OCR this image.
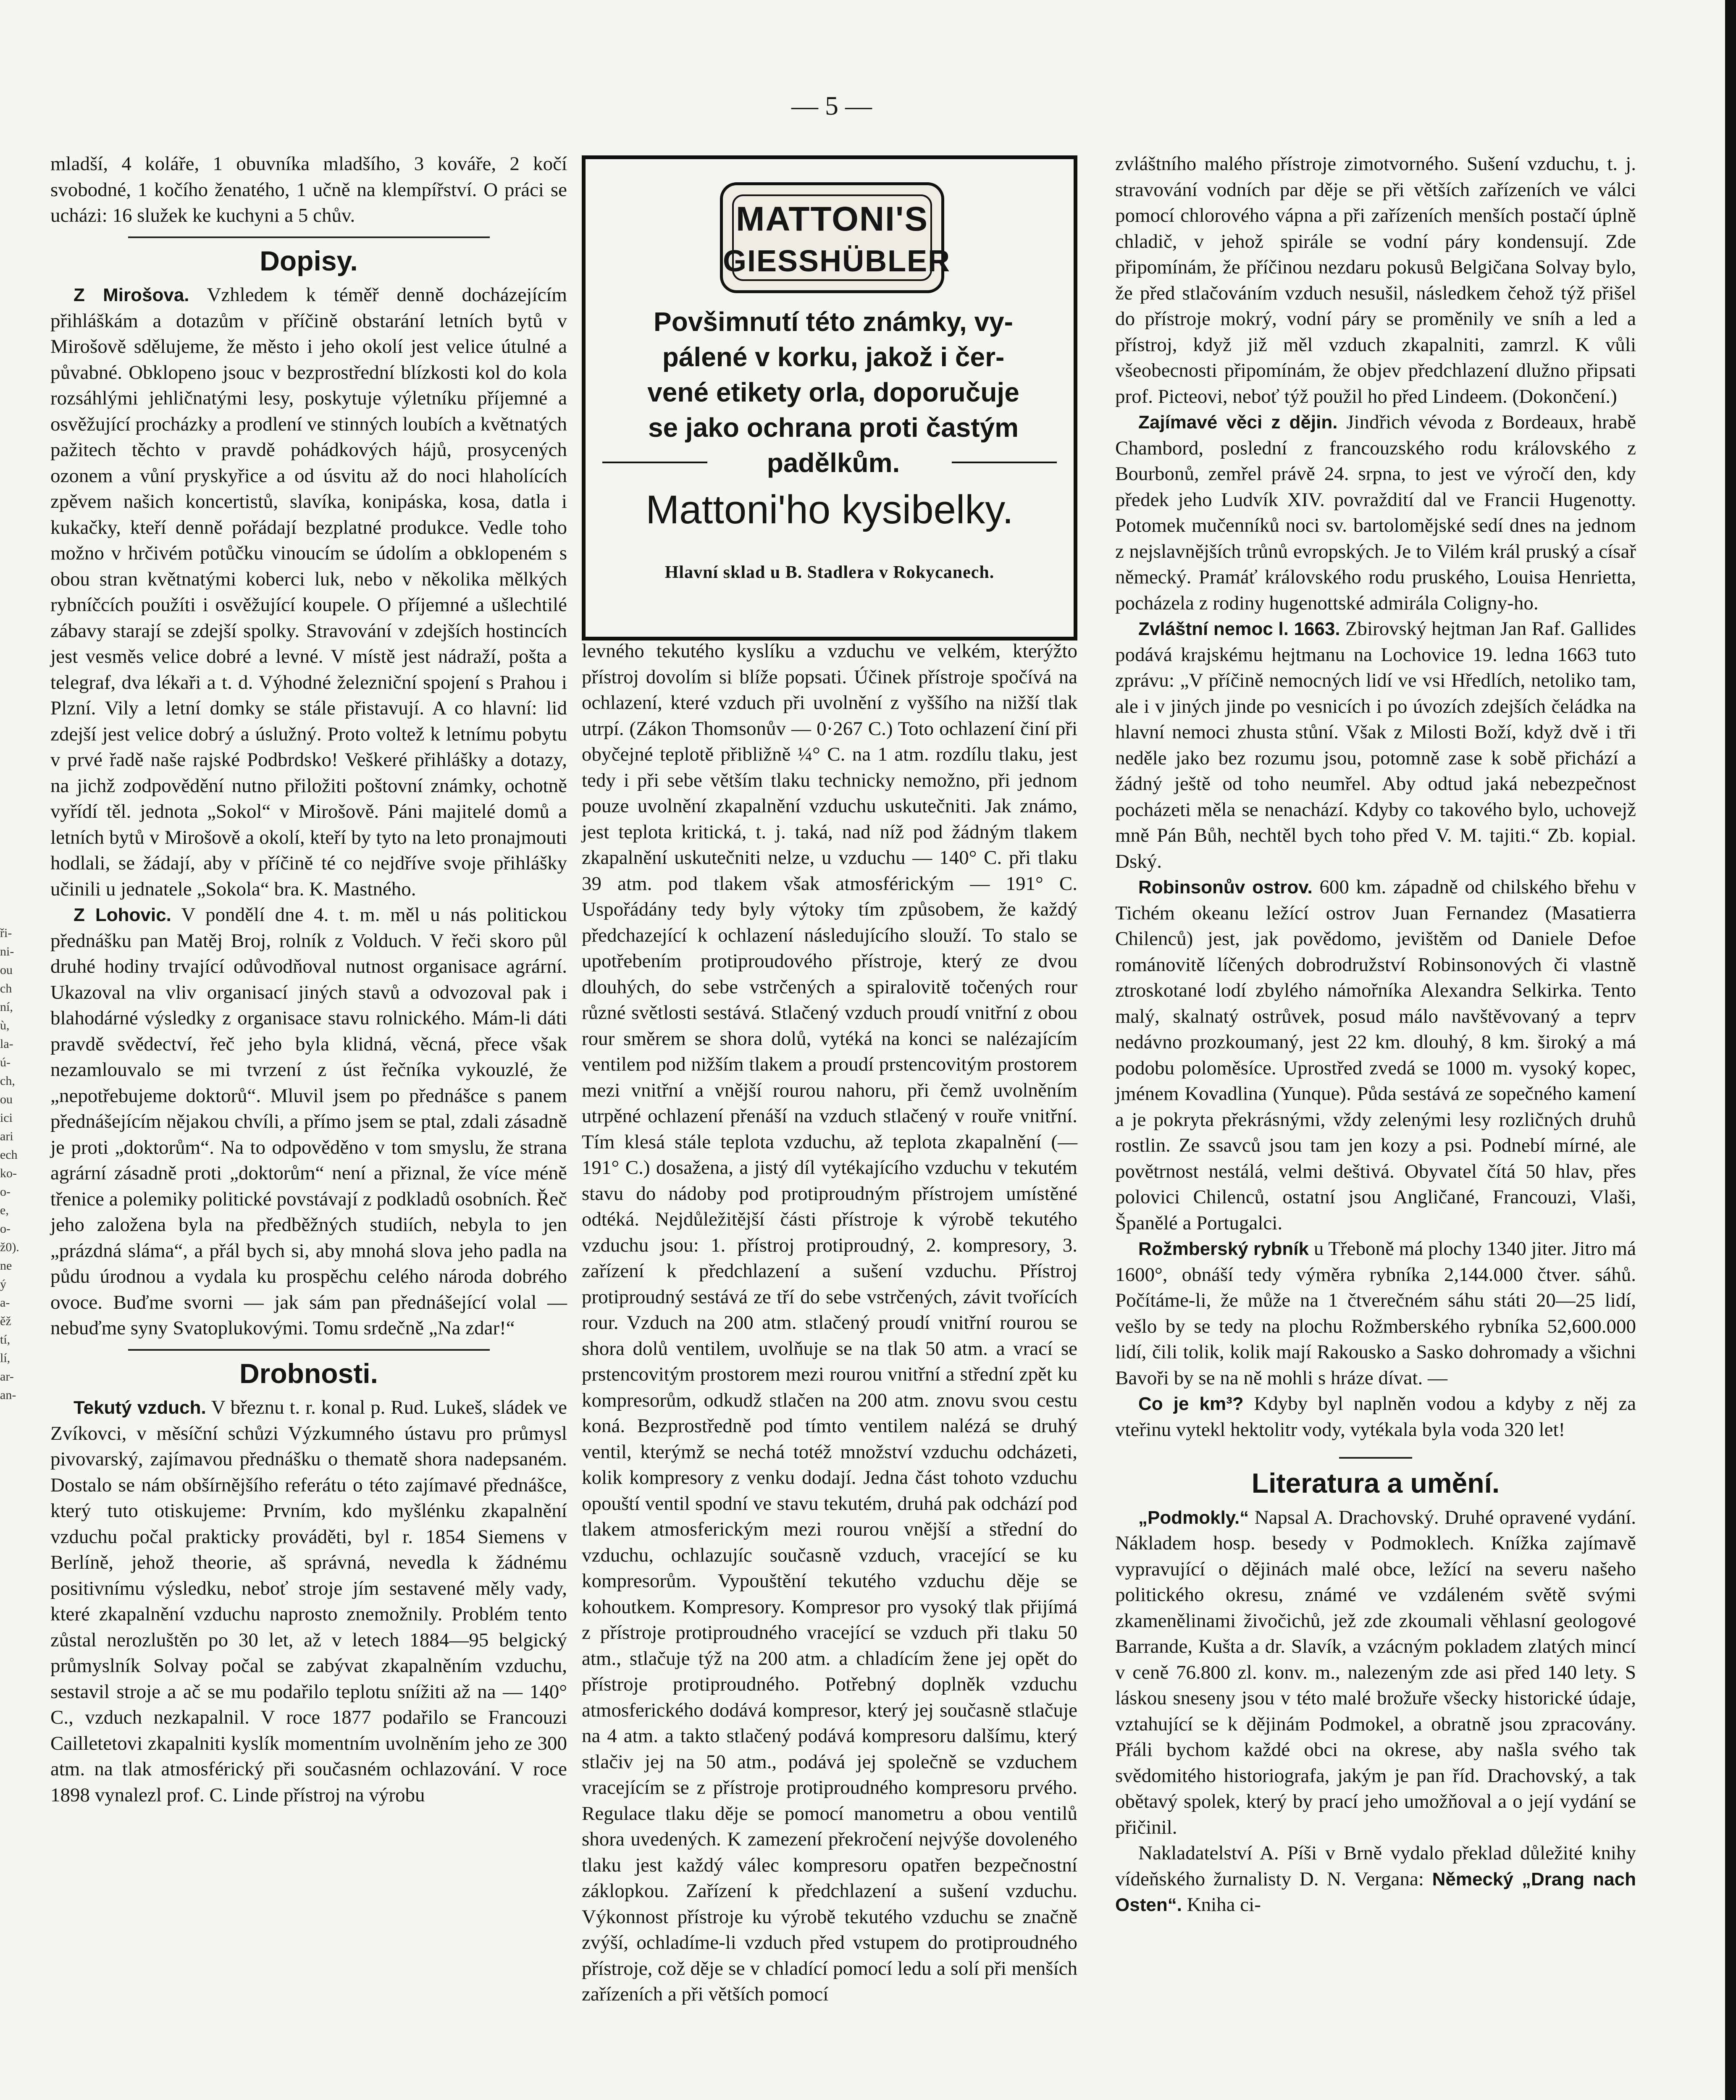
— 5 —
ři-
ni-
ou
ch
ní,
ù,
la-
ú-
ch,
ou
ici
ari
ech
ko-
o-
e,
o-
ž0).
ne
ý
a-
ěž
tí,
lí,
ar-
an-

mladší, 4 koláře, 1 obuvníka mladšího, 3 kováře, 2 kočí svobodné, 1 kočího ženatého, 1 učně na klempířství. O práci se ucházi: 16 služek ke kuchyni a 5 chův.

Dopisy.

Z Mirošova. Vzhledem k téměř denně docházejícím přihláškám a dotazům v příčině obstarání letních bytů v Mirošově sdělujeme, že město i jeho okolí jest velice útulné a půvabné. Obklopeno jsouc v bezprostřední blízkosti kol do kola rozsáhlými jehličnatými lesy, poskytuje výletníku příjemné a osvěžující procházky a prodlení ve stinných loubích a květnatých pažitech těchto v pravdě pohádkových hájů, prosycených ozonem a vůní pryskyřice a od úsvitu až do noci hlaholících zpěvem našich koncertistů, slavíka, konipáska, kosa, datla i kukačky, kteří denně pořádají bezplatné produkce. Vedle toho možno v hrčivém potůčku vinoucím se údolím a obklopeném s obou stran květnatými koberci luk, nebo v několika mělkých rybníčcích použíti i osvěžující koupele. O příjemné a ušlechtilé zábavy starají se zdejší spolky. Stravování v zdejších hostincích jest vesměs velice dobré a levné. V místě jest nádraží, pošta a telegraf, dva lékaři a t. d. Výhodné železniční spojení s Prahou i Plzní. Vily a letní domky se stále přistavují. A co hlavní: lid zdejší jest velice dobrý a úslužný. Proto voltež k letnímu pobytu v prvé řadě naše rajské Podbrdsko! Veškeré přihlášky a dotazy, na jichž zodpovědění nutno přiložiti poštovní známky, ochotně vyřídí těl. jednota „Sokol“ v Mirošově. Páni majitelé domů a letních bytů v Mirošově a okolí, kteří by tyto na leto pronajmouti hodlali, se žádají, aby v příčině té co nejdříve svoje přihlášky učinili u jednatele „Sokola“ bra. K. Mastného.

Z Lohovic. V pondělí dne 4. t. m. měl u nás politickou přednášku pan Matěj Broj, rolník z Volduch. V řeči skoro půl druhé hodiny trvající odůvodňoval nutnost organisace agrární. Ukazoval na vliv organisací jiných stavů a odvozoval pak i blahodárné výsledky z organisace stavu rolnického. Mám-li dáti pravdě svědectví, řeč jeho byla klidná, věcná, přece však nezamlouvalo se mi tvrzení z úst řečníka vykouzlé, že „nepotřebujeme doktorů“. Mluvil jsem po přednášce s panem přednášejícím nějakou chvíli, a přímo jsem se ptal, zdali zásadně je proti „doktorům“. Na to odpověděno v tom smyslu, že strana agrární zásadně proti „doktorům“ není a přiznal, že více méně třenice a polemiky politické povstávají z podkladů osobních. Řeč jeho založena byla na předběžných studiích, nebyla to jen „prázdná sláma“, a přál bych si, aby mnohá slova jeho padla na půdu úrodnou a vydala ku prospěchu celého národa dobrého ovoce. Buďme svorni — jak sám pan přednášející volal — nebuďme syny Svatoplukovými. Tomu srdečně „Na zdar!“

Drobnosti.

Tekutý vzduch. V březnu t. r. konal p. Rud. Lukeš, sládek ve Zvíkovci, v měsíční schůzi Výzkumného ústavu pro průmysl pivovarský, zajímavou přednášku o thematě shora nadepsaném. Dostalo se nám obšírnějšího referátu o této zajímavé přednášce, který tuto otiskujeme: Prvním, kdo myšlénku zkapalnění vzduchu počal prakticky prováděti, byl r. 1854 Siemens v Berlíně, jehož theorie, aš správná, nevedla k žádnému positivnímu výsledku, neboť stroje jím sestavené měly vady, které zkapalnění vzduchu naprosto znemožnily. Problém tento zůstal nerozluštěn po 30 let, až v letech 1884—95 belgický průmyslník Solvay počal se zabývat zkapalněním vzduchu, sestavil stroje a ač se mu podařilo teplotu snížiti až na — 140° C., vzduch nezkapalnil. V roce 1877 podařilo se Francouzi Cailletetovi zkapalniti kyslík momentním uvolněním jeho ze 300 atm. na tlak atmosférický při současném ochlazování. V roce 1898 vynalezl prof. C. Linde přístroj na výrobu

MATTONI'S
GIESSHÜBLER
Povšimnutí této známky, vy-
pálené v korku, jakož i čer-
vené etikety orla, doporučuje
se jako ochrana proti častým
padělkům.
Mattoni'ho kysibelky.
Hlavní sklad u B. Stadlera v Rokycanech.

levného tekutého kyslíku a vzduchu ve velkém, kterýžto přístroj dovolím si blíže popsati. Účinek přístroje spočívá na ochlazení, které vzduch při uvolnění z vyššího na nižší tlak utrpí. (Zákon Thomsonův — 0·267 C.) Toto ochlazení činí při obyčejné teplotě přibližně ¼° C. na 1 atm. rozdílu tlaku, jest tedy i při sebe větším tlaku technicky nemožno, při jednom pouze uvolnění zkapalnění vzduchu uskutečniti. Jak známo, jest teplota kritická, t. j. taká, nad níž pod žádným tlakem zkapalnění uskutečniti nelze, u vzduchu — 140° C. při tlaku 39 atm. pod tlakem však atmosférickým — 191° C. Uspořádány tedy byly výtoky tím způsobem, že každý předchazející k ochlazení následujícího slouží. To stalo se upotřebením protiproudového přístroje, který ze dvou dlouhých, do sebe vstrčených a spiralovitě točených rour různé světlosti sestává. Stlačený vzduch proudí vnitřní z obou rour směrem se shora dolů, vytéká na konci se nalézajícím ventilem pod nižším tlakem a proudí prstencovitým prostorem mezi vnitřní a vnější rourou nahoru, při čemž uvolněním utrpěné ochlazení přenáší na vzduch stlačený v rouře vnitřní. Tím klesá stále teplota vzduchu, až teplota zkapalnění (— 191° C.) dosažena, a jistý díl vytékajícího vzduchu v tekutém stavu do nádoby pod protiproudným přístrojem umístěné odtéká. Nejdůležitější části přístroje k výrobě tekutého vzduchu jsou: 1. přístroj protiproudný, 2. kompresory, 3. zařízení k předchlazení a sušení vzduchu. Přístroj protiproudný sestává ze tří do sebe vstrčených, závit tvořících rour. Vzduch na 200 atm. stlačený proudí vnitřní rourou se shora dolů ventilem, uvolňuje se na tlak 50 atm. a vrací se prstencovitým prostorem mezi rourou vnitřní a střední zpět ku kompresorům, odkudž stlačen na 200 atm. znovu svou cestu koná. Bezprostředně pod tímto ventilem nalézá se druhý ventil, kterýmž se nechá totéž množství vzduchu odcházeti, kolik kompresory z venku dodají. Jedna část tohoto vzduchu opouští ventil spodní ve stavu tekutém, druhá pak odchází pod tlakem atmosferickým mezi rourou vnější a střední do vzduchu, ochlazujíc současně vzduch, vracející se ku kompresorům. Vypouštění tekutého vzduchu děje se kohoutkem. Kompresory. Kompresor pro vysoký tlak přijímá z přístroje protiproudného vracející se vzduch při tlaku 50 atm., stlačuje týž na 200 atm. a chladícím žene jej opět do přístroje protiproudného. Potřebný doplněk vzduchu atmosferického dodává kompresor, který jej současně stlačuje na 4 atm. a takto stlačený podává kompresoru dalšímu, který stlačiv jej na 50 atm., podává jej společně se vzduchem vracejícím se z přístroje protiproudného kompresoru prvého. Regulace tlaku děje se pomocí manometru a obou ventilů shora uvedených. K zamezení překročení nejvýše dovoleného tlaku jest každý válec kompresoru opatřen bezpečnostní záklopkou. Zařízení k předchlazení a sušení vzduchu. Výkonnost přístroje ku výrobě tekutého vzduchu se značně zvýší, ochladíme-li vzduch před vstupem do protiproudného přístroje, což děje se v chladící pomocí ledu a solí při menších zařízeních a při větších pomocí

zvláštního malého přístroje zimotvorného. Sušení vzduchu, t. j. stravování vodních par děje se při větších zařízeních ve válci pomocí chlorového vápna a při zařízeních menších postačí úplně chladič, v jehož spirále se vodní páry kondensují. Zde připomínám, že příčinou nezdaru pokusů Belgičana Solvay bylo, že před stlačováním vzduch nesušil, následkem čehož týž přišel do přístroje mokrý, vodní páry se proměnily ve sníh a led a přístroj, když již měl vzduch zkapalniti, zamrzl. K vůli všeobecnosti připomínám, že objev předchlazení dlužno připsati prof. Picteovi, neboť týž použil ho před Lindeem. (Dokončení.)

Zajímavé věci z dějin. Jindřich vévoda z Bordeaux, hrabě Chambord, poslední z francouzského rodu královského z Bourbonů, zemřel právě 24. srpna, to jest ve výročí den, kdy předek jeho Ludvík XIV. povraždití dal ve Francii Hugenotty. Potomek mučenníků noci sv. bartolomějské sedí dnes na jednom z nejslavnějších trůnů evropských. Je to Vilém král pruský a císař německý. Pramáť královského rodu pruského, Louisa Henrietta, pocházela z rodiny hugenottské admirála Coligny-ho.

Zvláštní nemoc l. 1663. Zbirovský hejtman Jan Raf. Gallides podává krajskému hejtmanu na Lochovice 19. ledna 1663 tuto zprávu: „V příčině nemocných lidí ve vsi Hředlích, netoliko tam, ale i v jiných jinde po vesnicích i po úvozích zdejších čeládka na hlavní nemoci zhusta stůní. Však z Milosti Boží, když dvě i tři neděle jako bez rozumu jsou, potomně zase k sobě přichází a žádný ještě od toho neumřel. Aby odtud jaká nebezpečnost pocházeti měla se nenachází. Kdyby co takového bylo, uchovejž mně Pán Bůh, nechtěl bych toho před V. M. tajiti.“ Zb. kopial. Dský.

Robinsonův ostrov. 600 km. západně od chilského břehu v Tichém okeanu ležící ostrov Juan Fernandez (Masatierra Chilenců) jest, jak povědomo, jevištěm od Daniele Defoe románovitě líčených dobrodružství Robinsonových či vlastně ztroskotané lodí zbylého námořníka Alexandra Selkirka. Tento malý, skalnatý ostrůvek, posud málo navštěvovaný a teprv nedávno prozkoumaný, jest 22 km. dlouhý, 8 km. široký a má podobu poloměsíce. Uprostřed zvedá se 1000 m. vysoký kopec, jménem Kovadlina (Yunque). Půda sestává ze sopečného kamení a je pokryta překrásnými, vždy zelenými lesy rozličných druhů rostlin. Ze ssavců jsou tam jen kozy a psi. Podnebí mírné, ale povětrnost nestálá, velmi deštivá. Obyvatel čítá 50 hlav, přes polovici Chilenců, ostatní jsou Angličané, Francouzi, Vlaši, Španělé a Portugalci.

Rožmberský rybník u Třeboně má plochy 1340 jiter. Jitro má 1600°, obnáší tedy výměra rybníka 2,144.000 čtver. sáhů. Počítáme-li, že může na 1 čtverečném sáhu státi 20—25 lidí, vešlo by se tedy na plochu Rožmberského rybníka 52,600.000 lidí, čili tolik, kolik mají Rakousko a Sasko dohromady a všichni Bavoři by se na ně mohli s hráze dívat. —

Co je km³? Kdyby byl naplněn vodou a kdyby z něj za vteřinu vytekl hektolitr vody, vytékala byla voda 320 let!

Literatura a umění.

„Podmokly.“ Napsal A. Drachovský. Druhé opravené vydání. Nákladem hosp. besedy v Podmoklech. Knížka zajímavě vypravující o dějinách malé obce, ležící na severu našeho politického okresu, známé ve vzdáleném světě svými zkamenělinami živočichů, jež zde zkoumali věhlasní geologové Barrande, Kušta a dr. Slavík, a vzácným pokladem zlatých mincí v ceně 76.800 zl. konv. m., nalezeným zde asi před 140 lety. S láskou sneseny jsou v této malé brožuře všecky historické údaje, vztahující se k dějinám Podmokel, a obratně jsou zpracovány. Přáli bychom každé obci na okrese, aby našla svého tak svědomitého historiografa, jakým je pan říd. Drachovský, a tak obětavý spolek, který by prací jeho umožňoval a o její vydání se přičinil.

Nakladatelství A. Píši v Brně vydalo překlad důležité knihy vídeňského žurnalisty D. N. Vergana: Německý „Drang nach Osten“. Kniha ci-
